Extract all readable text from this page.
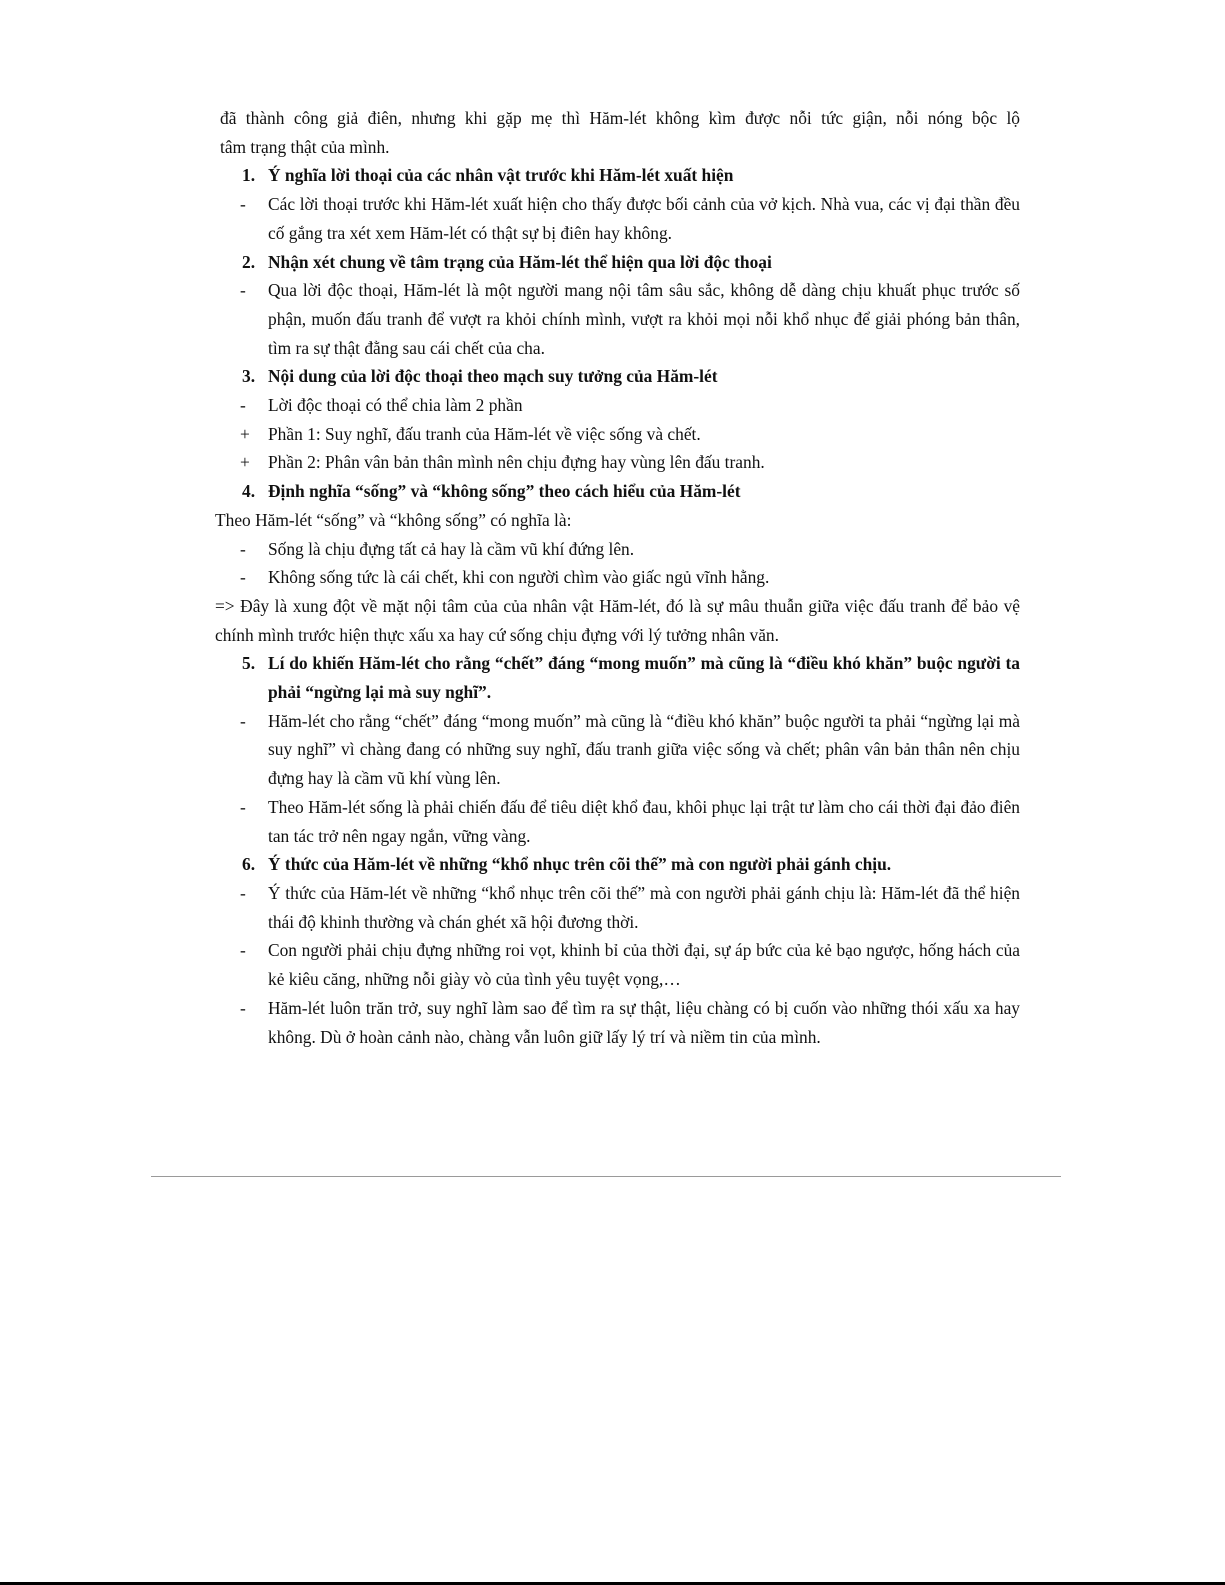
đã thành công giả điên, nhưng khi gặp mẹ thì Hăm-lét không kìm được nỗi tức giận, nỗi nóng bộc lộ

tâm trạng thật của mình.

1. Ý nghĩa lời thoại của các nhân vật trước khi Hăm-lét xuất hiện
-	Các lời thoại trước khi Hăm-lét xuất hiện cho thấy được bối cảnh của vở kịch. Nhà vua, các vị đại thần đều cố gắng tra xét xem Hăm-lét có thật sự bị điên hay không.
2. Nhận xét chung về tâm trạng của Hăm-lét thể hiện qua lời độc thoại
-	Qua lời độc thoại, Hăm-lét là một người mang nội tâm sâu sắc, không dễ dàng chịu khuất phục trước số phận, muốn đấu tranh để vượt ra khỏi chính mình, vượt ra khỏi mọi nỗi khổ nhục để giải phóng bản thân, tìm ra sự thật đằng sau cái chết của cha.
3. Nội dung của lời độc thoại theo mạch suy tưởng của Hăm-lét
-	Lời độc thoại có thể chia làm 2 phần
+	Phần 1: Suy nghĩ, đấu tranh của Hăm-lét về việc sống và chết.
+	Phần 2: Phân vân bản thân mình nên chịu đựng hay vùng lên đấu tranh.
4. Định nghĩa “sống” và “không sống” theo cách hiểu của Hăm-lét

Theo Hăm-lét “sống” và “không sống” có nghĩa là:

-	Sống là chịu đựng tất cả hay là cầm vũ khí đứng lên.
-	Không sống tức là cái chết, khi con người chìm vào giấc ngủ vĩnh hằng.

=> Đây là xung đột về mặt nội tâm của của nhân vật Hăm-lét, đó là sự mâu thuẫn giữa việc đấu tranh để bảo vệ chính mình trước hiện thực xấu xa hay cứ sống chịu đựng với lý tưởng nhân văn.

5. Lí do khiến Hăm-lét cho rằng “chết” đáng “mong muốn” mà cũng là “điều khó khăn” buộc người ta phải “ngừng lại mà suy nghĩ”.
-	Hăm-lét cho rằng “chết” đáng “mong muốn” mà cũng là “điều khó khăn” buộc người ta phải “ngừng lại mà suy nghĩ” vì chàng đang có những suy nghĩ, đấu tranh giữa việc sống và chết; phân vân bản thân nên chịu đựng hay là cầm vũ khí vùng lên.
-	Theo Hăm-lét sống là phải chiến đấu để tiêu diệt khổ đau, khôi phục lại trật tư làm cho cái thời đại đảo điên tan tác trở nên ngay ngắn, vững vàng.
6. Ý thức của Hăm-lét về những “khổ nhục trên cõi thế” mà con người phải gánh chịu.
-	Ý thức của Hăm-lét về những “khổ nhục trên cõi thế” mà con người phải gánh chịu là: Hăm-lét đã thể hiện thái độ khinh thường và chán ghét xã hội đương thời.
-	Con người phải chịu đựng những roi vọt, khinh bỉ của thời đại, sự áp bức của kẻ bạo ngược, hống hách của kẻ kiêu căng, những nỗi giày vò của tình yêu tuyệt vọng,…
-	Hăm-lét luôn trăn trở, suy nghĩ làm sao để tìm ra sự thật, liệu chàng có bị cuốn vào những thói xấu xa hay không. Dù ở hoàn cảnh nào, chàng vẫn luôn giữ lấy lý trí và niềm tin của mình.
